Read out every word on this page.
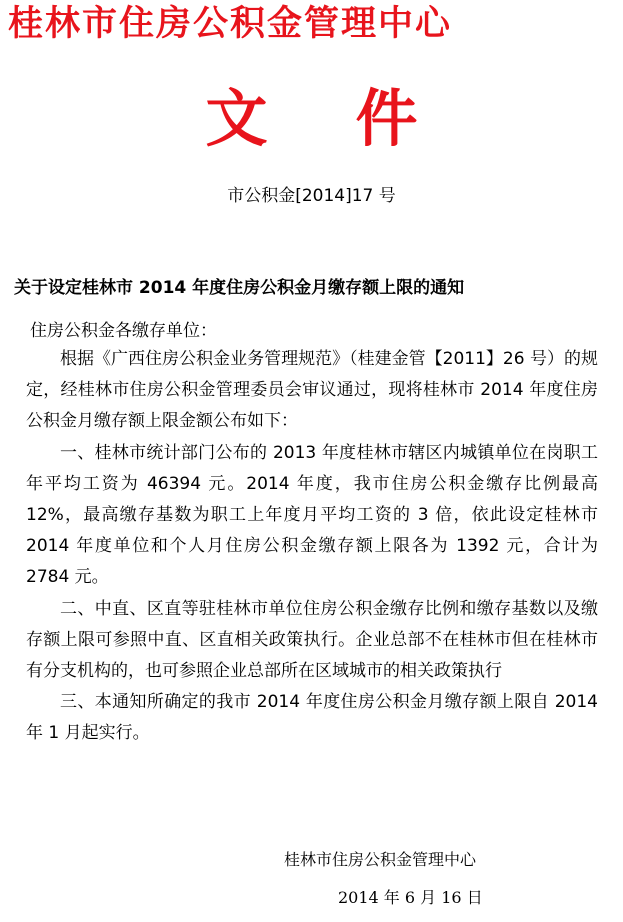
桂林市住房公积金管理中心
文件
市公积金[2014]17 号
关于设定桂林市 2014 年度住房公积金月缴存额上限的通知
住房公积金各缴存单位：

根据《广西住房公积金业务管理规范》（桂建金管【2011】26 号）的规定，经桂林市住房公积金管理委员会审议通过，现将桂林市 2014 年度住房公积金月缴存额上限金额公布如下：

一、桂林市统计部门公布的 2013 年度桂林市辖区内城镇单位在岗职工年平均工资为 46394 元。2014 年度，我市住房公积金缴存比例最高 12%，最高缴存基数为职工上年度月平均工资的 3 倍，依此设定桂林市 2014 年度单位和个人月住房公积金缴存额上限各为 1392 元，合计为 2784 元。

二、中直、区直等驻桂林市单位住房公积金缴存比例和缴存基数以及缴存额上限可参照中直、区直相关政策执行。企业总部不在桂林市但在桂林市有分支机构的，也可参照企业总部所在区域城市的相关政策执行

三、本通知所确定的我市 2014 年度住房公积金月缴存额上限自 2014 年 1 月起实行。

桂林市住房公积金管理中心
2014 年 6 月 16 日
